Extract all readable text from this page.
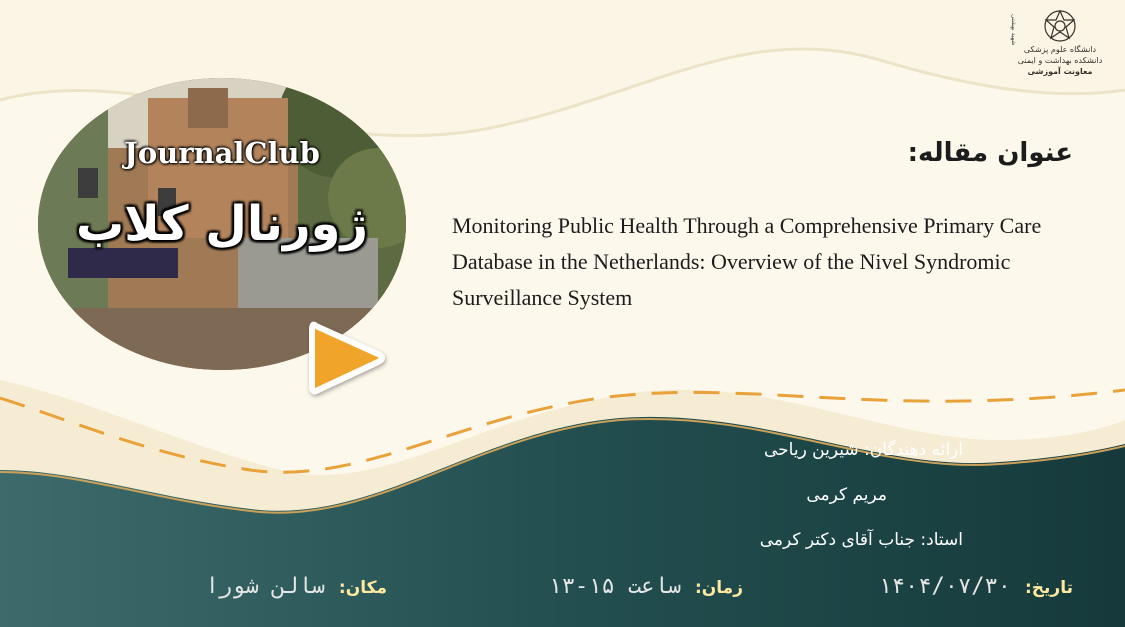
شهید بهشتی
دانشگاه علوم پزشکی
دانشکده بهداشت و ایمنی
معاونت آموزشی
JournalClub
ژورنال کلاب
عنوان مقاله:
Monitoring Public Health Through a Comprehensive Primary Care Database in the Netherlands: Overview of the Nivel Syndromic Surveillance System
ارائه دهندگان: شیرین ریاحی
مریم کرمی
استاد: جناب آقای دکتر کرمی
تاریخ:۱۴۰۴/۰۷/۳۰
زمان:ساعت ۱۵-۱۳
مکان:سالن شورا
